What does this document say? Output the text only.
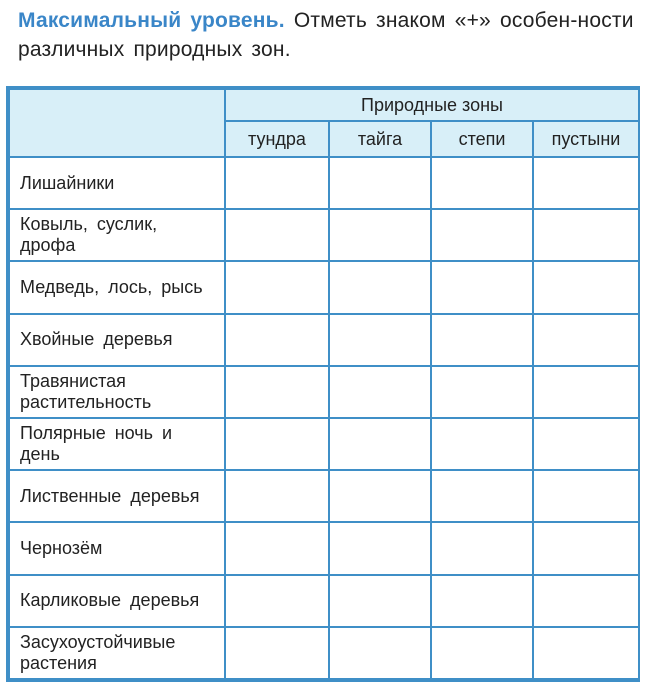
Максимальный уровень. Отметь знаком «+» особен-ности различных природных зон.
	Природные зоны			
	тундра	тайга	степи	пустыни
Лишайники				
Ковыль, суслик, дрофа				
Медведь, лось, рысь				
Хвойные деревья				
Травянистая растительность				
Полярные ночь и день				
Лиственные деревья				
Чернозём				
Карликовые деревья				
Засухоустойчивые растения				
